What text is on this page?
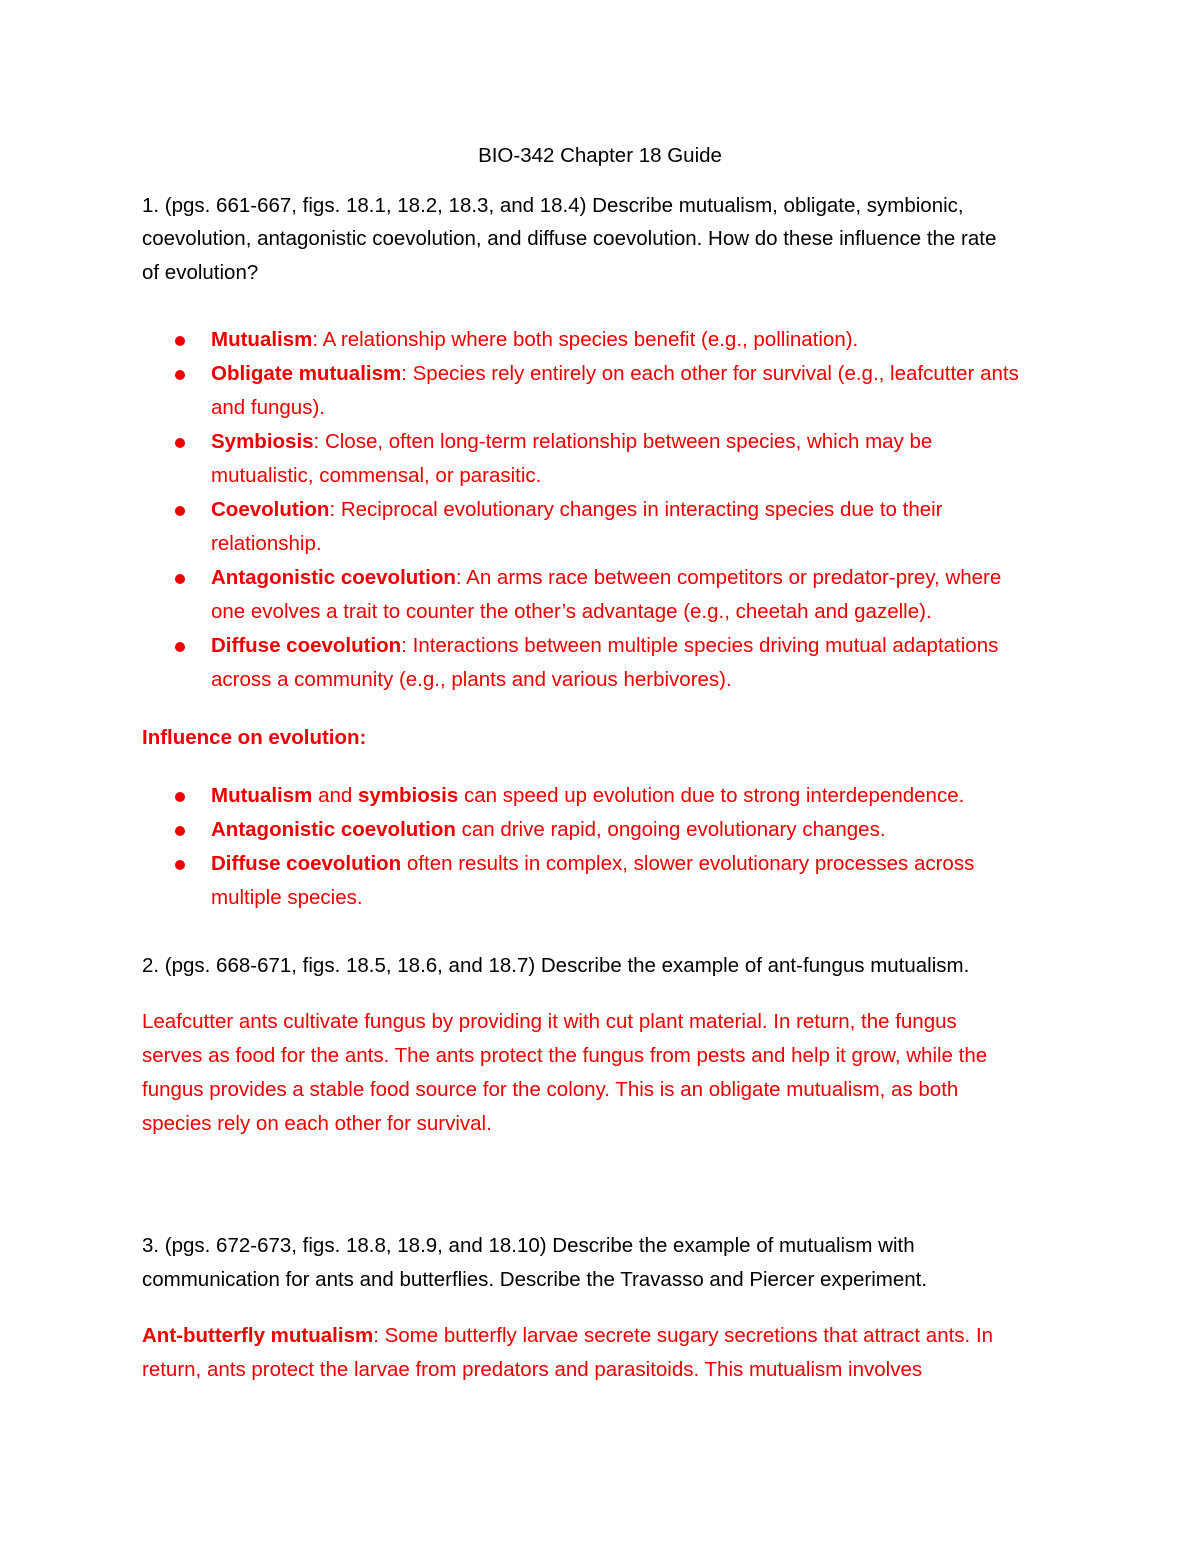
BIO-342 Chapter 18 Guide
1. (pgs. 661-667, figs. 18.1, 18.2, 18.3, and 18.4) Describe mutualism, obligate, symbionic,
coevolution, antagonistic coevolution, and diffuse coevolution. How do these influence the rate
of evolution?
Mutualism: A relationship where both species benefit (e.g., pollination).
Obligate mutualism: Species rely entirely on each other for survival (e.g., leafcutter ants
and fungus).
Symbiosis: Close, often long-term relationship between species, which may be
mutualistic, commensal, or parasitic.
Coevolution: Reciprocal evolutionary changes in interacting species due to their
relationship.
Antagonistic coevolution: An arms race between competitors or predator-prey, where
one evolves a trait to counter the other’s advantage (e.g., cheetah and gazelle).
Diffuse coevolution: Interactions between multiple species driving mutual adaptations
across a community (e.g., plants and various herbivores).
Influence on evolution:
Mutualism and symbiosis can speed up evolution due to strong interdependence.
Antagonistic coevolution can drive rapid, ongoing evolutionary changes.
Diffuse coevolution often results in complex, slower evolutionary processes across
multiple species.
2. (pgs. 668-671, figs. 18.5, 18.6, and 18.7) Describe the example of ant-fungus mutualism.
Leafcutter ants cultivate fungus by providing it with cut plant material. In return, the fungus
serves as food for the ants. The ants protect the fungus from pests and help it grow, while the
fungus provides a stable food source for the colony. This is an obligate mutualism, as both
species rely on each other for survival.
3. (pgs. 672-673, figs. 18.8, 18.9, and 18.10) Describe the example of mutualism with
communication for ants and butterflies. Describe the Travasso and Piercer experiment.
Ant-butterfly mutualism: Some butterfly larvae secrete sugary secretions that attract ants. In
return, ants protect the larvae from predators and parasitoids. This mutualism involves
